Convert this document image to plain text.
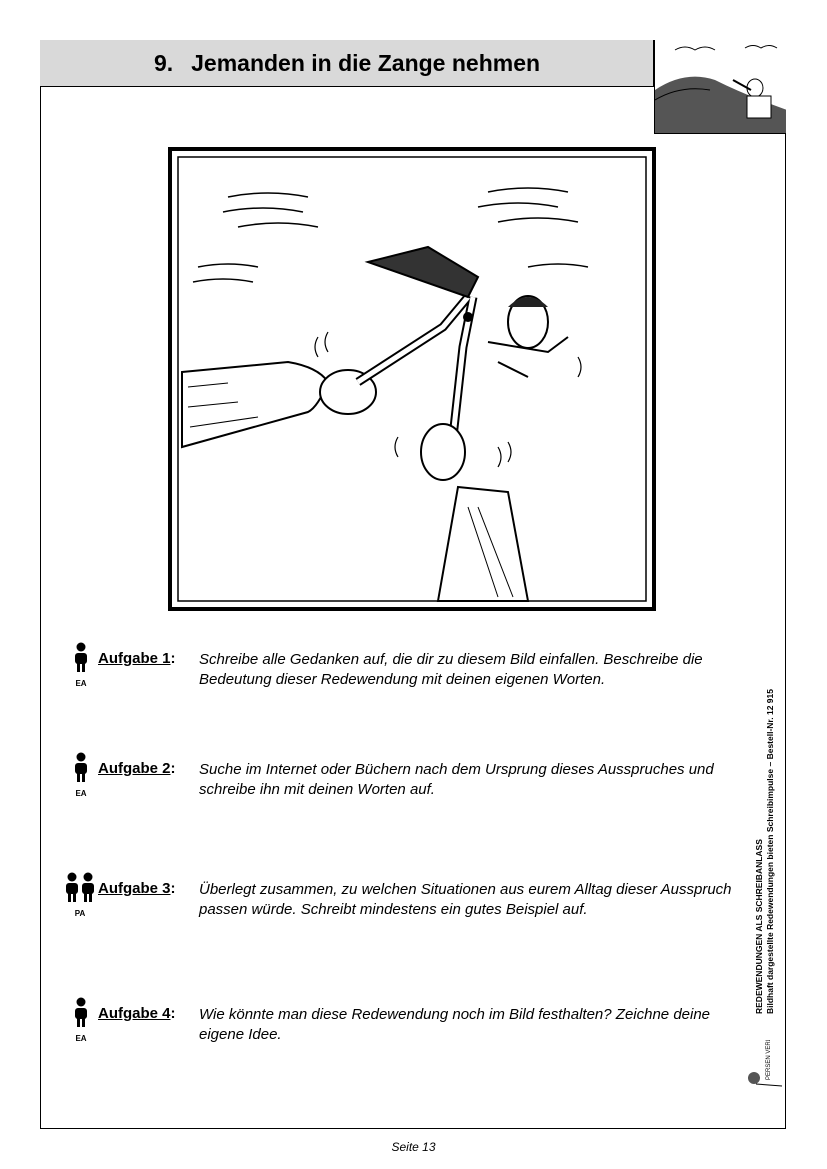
9. Jemanden in die Zange nehmen
EA
Aufgabe 1: Schreibe alle Gedanken auf, die dir zu diesem Bild einfallen. Beschreibe die Bedeutung dieser Redewendung mit deinen eigenen Worten.
EA
Aufgabe 2: Suche im Internet oder Büchern nach dem Ursprung dieses Ausspruches und schreibe ihn mit deinen Worten auf.
PA
Aufgabe 3: Überlegt zusammen, zu welchen Situationen aus eurem Alltag dieser Ausspruch passen würde. Schreibt mindestens ein gutes Beispiel auf.
EA
Aufgabe 4: Wie könnte man diese Redewendung noch im Bild festhalten? Zeichne deine eigene Idee.
REDEWENDUNGEN ALS SCHREIBANLASS Bildhaft dargestellte Redewendungen bieten Schreibimpulse – Bestell-Nr. 12 915
PERSEN VERLAG
Seite 13
